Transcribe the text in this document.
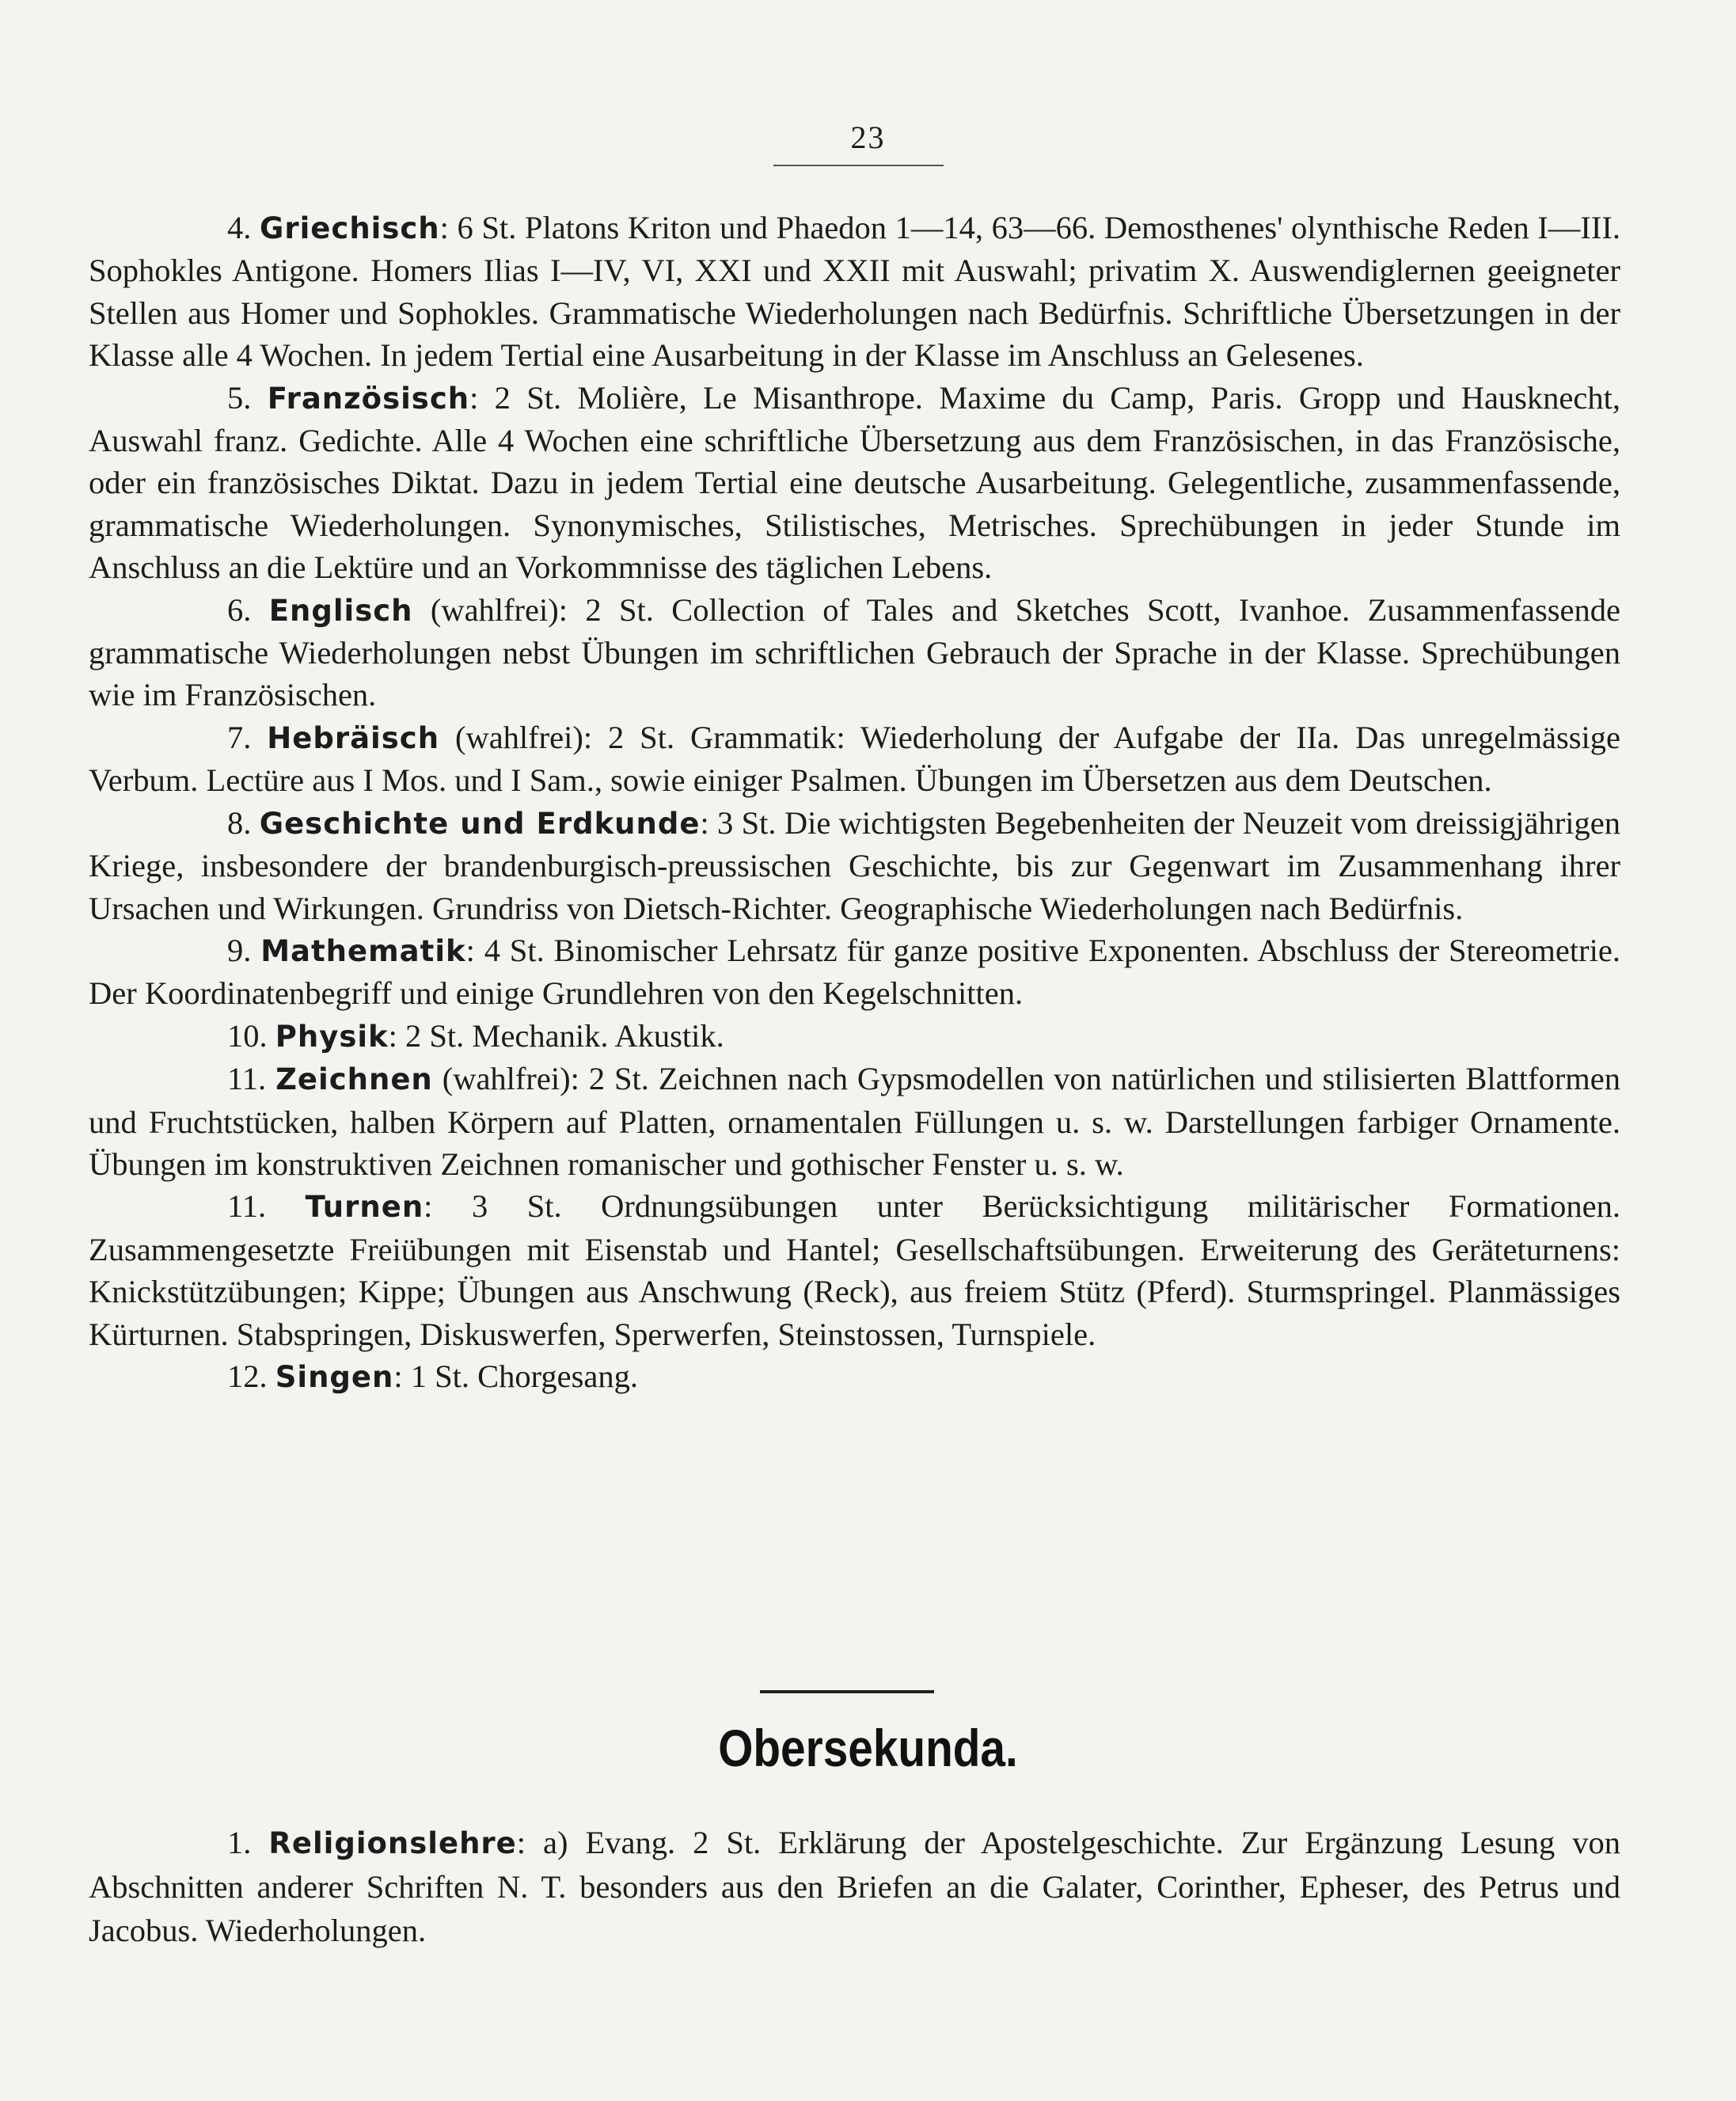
23

4. Griechisch: 6 St. Platons Kriton und Phaedon 1—14, 63—66. Demosthenes' olynthische Reden I—III. Sophokles Antigone. Homers Ilias I—IV, VI, XXI und XXII mit Auswahl; privatim X. Auswendiglernen geeigneter Stellen aus Homer und Sophokles. Grammatische Wiederholungen nach Bedürfnis. Schriftliche Übersetzungen in der Klasse alle 4 Wochen. In jedem Tertial eine Ausarbeitung in der Klasse im Anschluss an Gelesenes.

5. Französisch: 2 St. Molière, Le Misanthrope. Maxime du Camp, Paris. Gropp und Hausknecht, Auswahl franz. Gedichte. Alle 4 Wochen eine schriftliche Übersetzung aus dem Französischen, in das Französische, oder ein französisches Diktat. Dazu in jedem Tertial eine deutsche Ausarbeitung. Gelegentliche, zusammenfassende, grammatische Wiederholungen. Synonymisches, Stilistisches, Metrisches. Sprechübungen in jeder Stunde im Anschluss an die Lektüre und an Vorkommnisse des täglichen Lebens.

6. Englisch (wahlfrei): 2 St. Collection of Tales and Sketches Scott, Ivanhoe. Zusammenfassende grammatische Wiederholungen nebst Übungen im schriftlichen Gebrauch der Sprache in der Klasse. Sprechübungen wie im Französischen.

7. Hebräisch (wahlfrei): 2 St. Grammatik: Wiederholung der Aufgabe der IIa. Das unregelmässige Verbum. Lectüre aus I Mos. und I Sam., sowie einiger Psalmen. Übungen im Übersetzen aus dem Deutschen.

8. Geschichte und Erdkunde: 3 St. Die wichtigsten Begebenheiten der Neuzeit vom dreissigjährigen Kriege, insbesondere der brandenburgisch-preussischen Geschichte, bis zur Gegenwart im Zusammenhang ihrer Ursachen und Wirkungen. Grundriss von Dietsch-Richter. Geographische Wiederholungen nach Bedürfnis.

9. Mathematik: 4 St. Binomischer Lehrsatz für ganze positive Exponenten. Abschluss der Stereometrie. Der Koordinatenbegriff und einige Grundlehren von den Kegelschnitten.

10. Physik: 2 St. Mechanik. Akustik.

11. Zeichnen (wahlfrei): 2 St. Zeichnen nach Gypsmodellen von natürlichen und stilisierten Blattformen und Fruchtstücken, halben Körpern auf Platten, ornamentalen Füllungen u. s. w. Darstellungen farbiger Ornamente. Übungen im konstruktiven Zeichnen romanischer und gothischer Fenster u. s. w.

11. Turnen: 3 St. Ordnungsübungen unter Berücksichtigung militärischer Formationen. Zusammengesetzte Freiübungen mit Eisenstab und Hantel; Gesellschaftsübungen. Erweiterung des Geräteturnens: Knickstützübungen; Kippe; Übungen aus Anschwung (Reck), aus freiem Stütz (Pferd). Sturmspringel. Planmässiges Kürturnen. Stabspringen, Diskuswerfen, Sperwerfen, Steinstossen, Turnspiele.

12. Singen: 1 St. Chorgesang.

Obersekunda.

1. Religionslehre: a) Evang. 2 St. Erklärung der Apostelgeschichte. Zur Ergänzung Lesung von Abschnitten anderer Schriften N. T. besonders aus den Briefen an die Galater, Corinther, Epheser, des Petrus und Jacobus. Wiederholungen.
